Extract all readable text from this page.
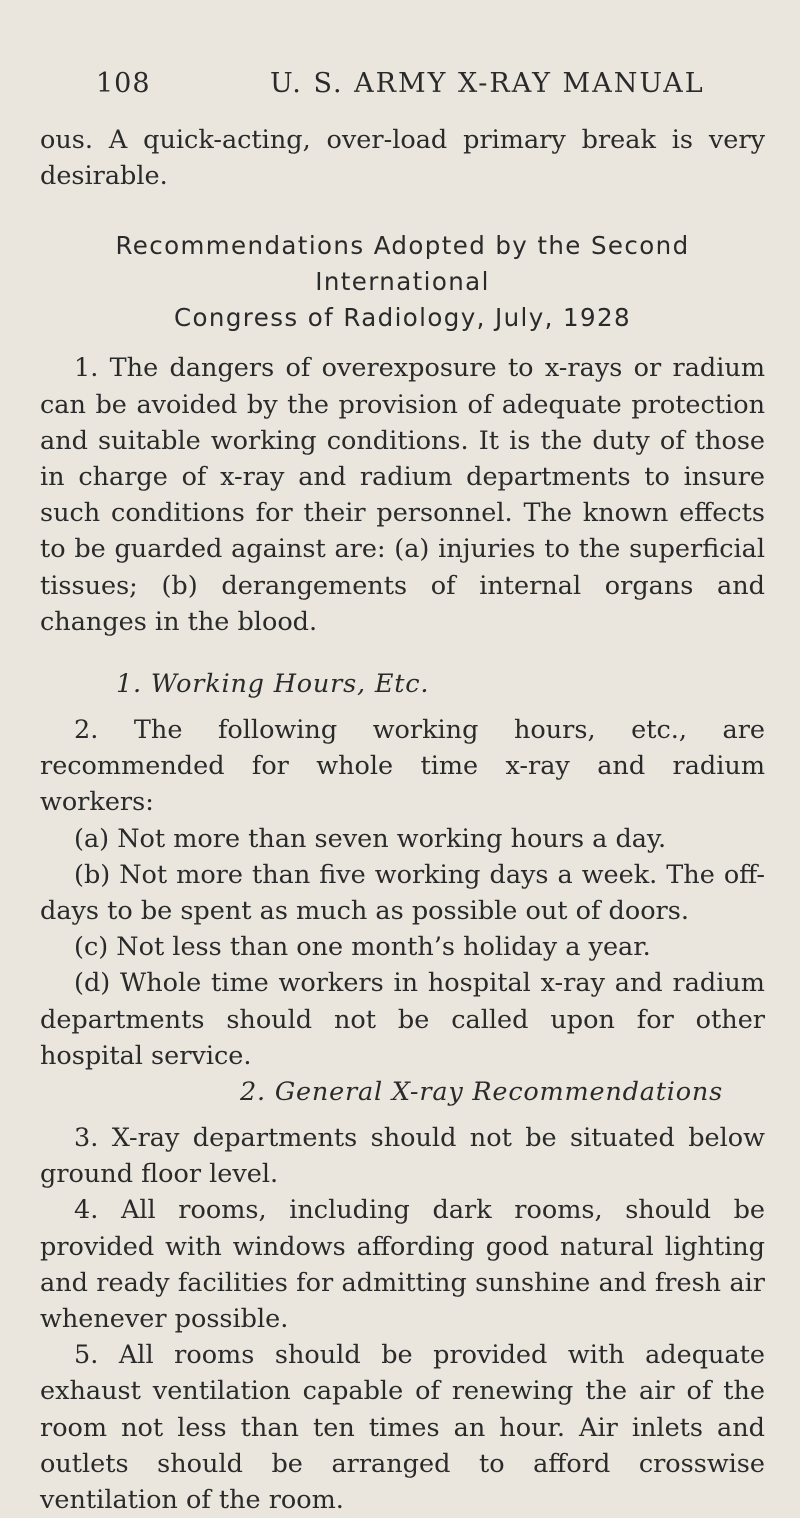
108	U. S. ARMY X-RAY MANUAL

ous. A quick-acting, over-load primary break is very desirable.

Recommendations Adopted by the Second International
Congress of Radiology, July, 1928

1. The dangers of overexposure to x-rays or radium can be avoided by the provision of adequate protection and suitable working conditions. It is the duty of those in charge of x-ray and radium departments to insure such conditions for their personnel. The known effects to be guarded against are: (a) injuries to the superficial tissues; (b) derangements of internal organs and changes in the blood.

1. Working Hours, Etc.

2. The following working hours, etc., are recommended for whole time x-ray and radium workers:

(a) Not more than seven working hours a day.

(b) Not more than five working days a week. The off-days to be spent as much as possible out of doors.

(c) Not less than one month’s holiday a year.

(d) Whole time workers in hospital x-ray and radium departments should not be called upon for other hospital service.

2. General X-ray Recommendations

3. X-ray departments should not be situated below ground floor level.

4. All rooms, including dark rooms, should be provided with windows affording good natural lighting and ready facilities for admitting sunshine and fresh air whenever possible.

5. All rooms should be provided with adequate exhaust ventilation capable of renewing the air of the room not less than ten times an hour. Air inlets and outlets should be arranged to afford crosswise ventilation of the room.
